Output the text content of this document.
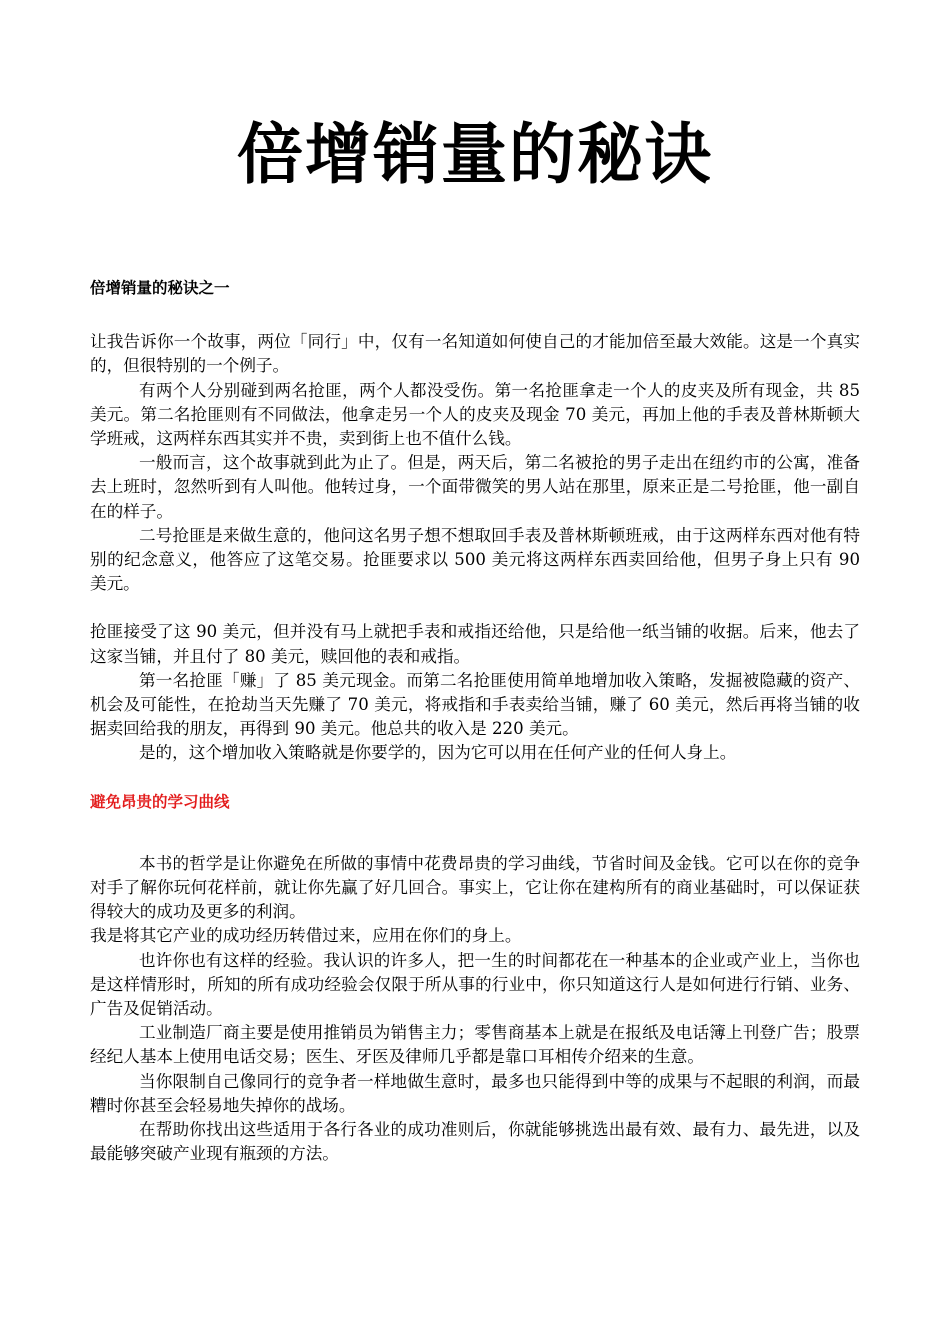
倍增销量的秘诀
倍增销量的秘诀之一

让我告诉你一个故事，两位「同行」中，仅有一名知道如何使自己的才能加倍至最大效能。这是一个真实的，但很特别的一个例子。

有两个人分别碰到两名抢匪，两个人都没受伤。第一名抢匪拿走一个人的皮夹及所有现金，共 85 美元。第二名抢匪则有不同做法，他拿走另一个人的皮夹及现金 70 美元，再加上他的手表及普林斯顿大学班戒，这两样东西其实并不贵，卖到街上也不值什么钱。

一般而言，这个故事就到此为止了。但是，两天后，第二名被抢的男子走出在纽约市的公寓，准备去上班时，忽然听到有人叫他。他转过身，一个面带微笑的男人站在那里，原来正是二号抢匪，他一副自在的样子。

二号抢匪是来做生意的，他问这名男子想不想取回手表及普林斯顿班戒，由于这两样东西对他有特别的纪念意义，他答应了这笔交易。抢匪要求以 500 美元将这两样东西卖回给他，但男子身上只有 90 美元。

抢匪接受了这 90 美元，但并没有马上就把手表和戒指还给他，只是给他一纸当铺的收据。后来，他去了这家当铺，并且付了 80 美元，赎回他的表和戒指。

第一名抢匪「赚」了 85 美元现金。而第二名抢匪使用简单地增加收入策略，发掘被隐藏的资产、机会及可能性，在抢劫当天先赚了 70 美元，将戒指和手表卖给当铺，赚了 60 美元，然后再将当铺的收据卖回给我的朋友，再得到 90 美元。他总共的收入是 220 美元。

是的，这个增加收入策略就是你要学的，因为它可以用在任何产业的任何人身上。

避免昂贵的学习曲线

本书的哲学是让你避免在所做的事情中花费昂贵的学习曲线，节省时间及金钱。它可以在你的竞争对手了解你玩何花样前，就让你先赢了好几回合。事实上，它让你在建构所有的商业基础时，可以保证获得较大的成功及更多的利润。

我是将其它产业的成功经历转借过来，应用在你们的身上。

也许你也有这样的经验。我认识的许多人，把一生的时间都花在一种基本的企业或产业上，当你也是这样情形时，所知的所有成功经验会仅限于所从事的行业中，你只知道这行人是如何进行行销、业务、广告及促销活动。

工业制造厂商主要是使用推销员为销售主力；零售商基本上就是在报纸及电话簿上刊登广告；股票经纪人基本上使用电话交易；医生、牙医及律师几乎都是靠口耳相传介绍来的生意。

当你限制自己像同行的竞争者一样地做生意时，最多也只能得到中等的成果与不起眼的利润，而最糟时你甚至会轻易地失掉你的战场。

在帮助你找出这些适用于各行各业的成功准则后，你就能够挑选出最有效、最有力、最先进，以及最能够突破产业现有瓶颈的方法。
